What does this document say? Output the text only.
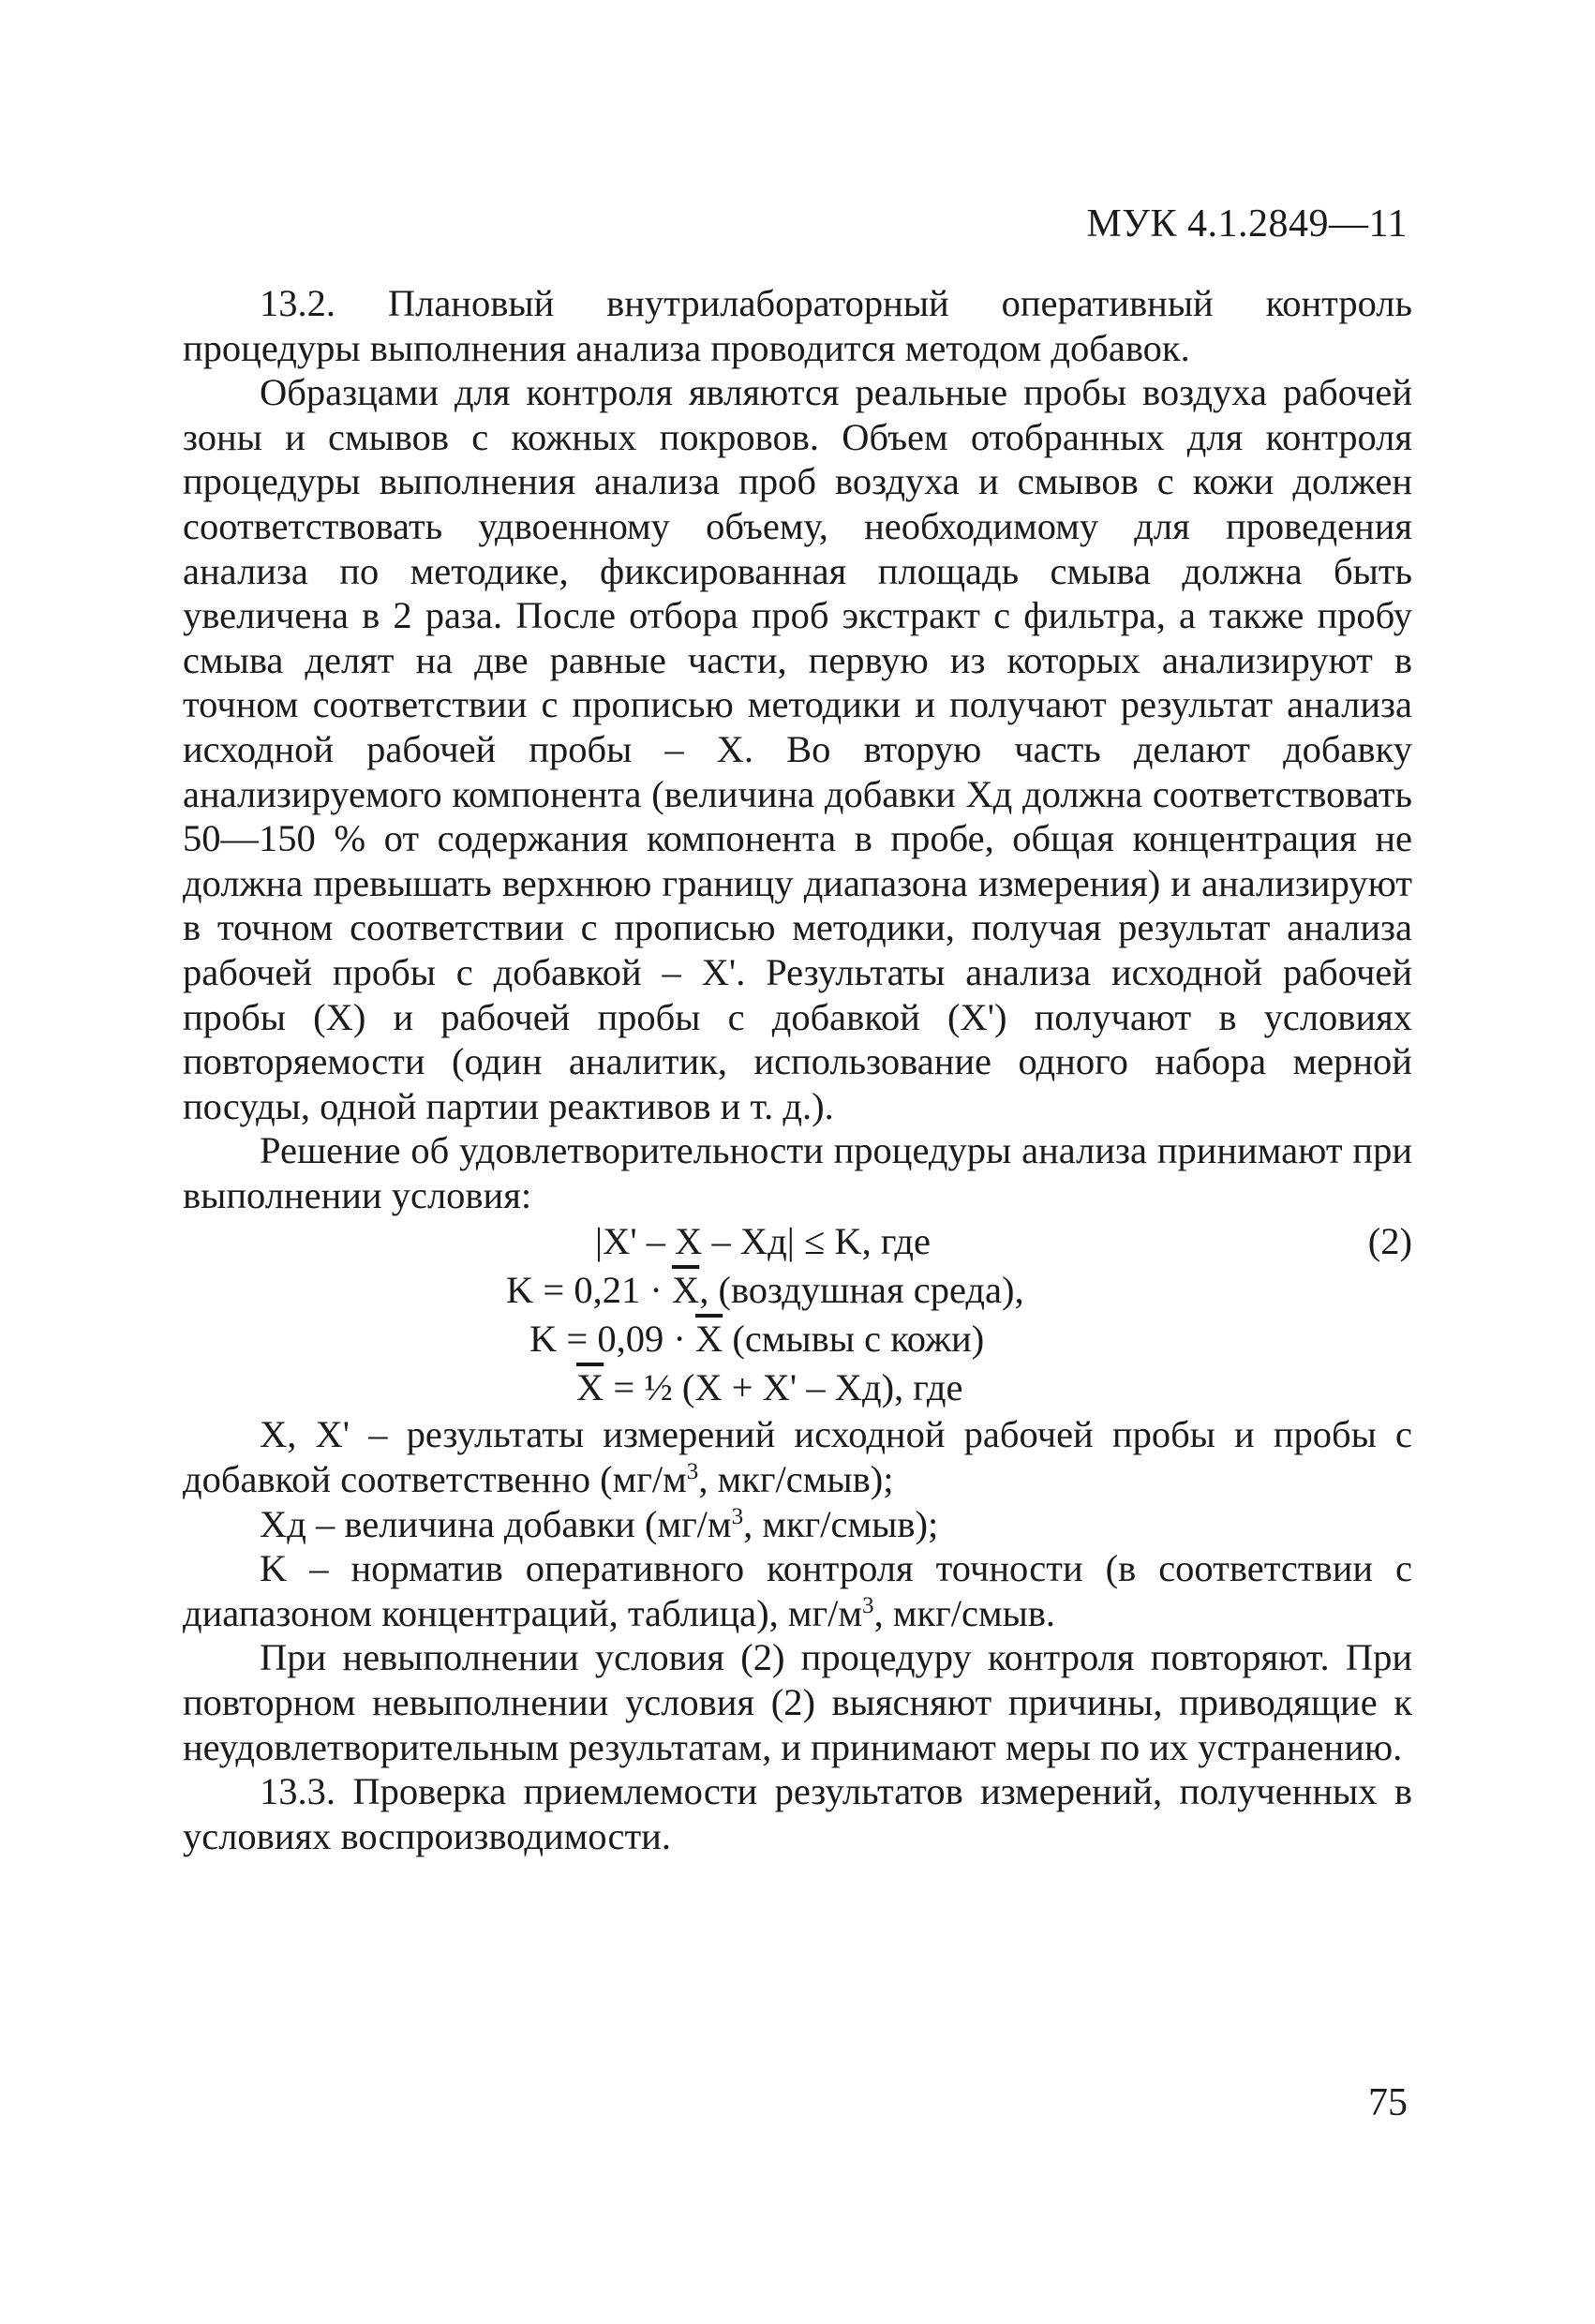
МУК 4.1.2849—11

13.2. Плановый внутрилабораторный оперативный контроль процедуры выполнения анализа проводится методом добавок.

Образцами для контроля являются реальные пробы воздуха рабочей зоны и смывов с кожных покровов. Объем отобранных для контроля процедуры выполнения анализа проб воздуха и смывов с кожи должен соответствовать удвоенному объему, необходимому для проведения анализа по методике, фиксированная площадь смыва должна быть увеличена в 2 раза. После отбора проб экстракт с фильтра, а также пробу смыва делят на две равные части, первую из которых анализируют в точном соответствии с прописью методики и получают результат анализа исходной рабочей пробы – X. Во вторую часть делают добавку анализируемого компонента (величина добавки Xд должна соответствовать 50—150 % от содержания компонента в пробе, общая концентрация не должна превышать верхнюю границу диапазона измерения) и анализируют в точном соответствии с прописью методики, получая результат анализа рабочей пробы с добавкой – X'. Результаты анализа исходной рабочей пробы (X) и рабочей пробы с добавкой (X') получают в условиях повторяемости (один аналитик, использование одного набора мерной посуды, одной партии реактивов и т. д.).

Решение об удовлетворительности процедуры анализа принимают при выполнении условия:

|X' – X – Xд| ≤ K, где	(2)
$K = 0,21 \cdot \overline{X}$, (воздушная среда),
$K = 0,09 \cdot \overline{X}$ (смывы с кожи)
$\overline{X}$ = ½ (X + X' – Xд), где

X, X' – результаты измерений исходной рабочей пробы и пробы с добавкой соответственно ($мг/м^3$, мкг/смыв);

Xд – величина добавки ($мг/м^3$, мкг/смыв);

K – норматив оперативного контроля точности (в соответствии с диапазоном концентраций, таблица), $мг/м^3$, мкг/смыв.

При невыполнении условия (2) процедуру контроля повторяют. При повторном невыполнении условия (2) выясняют причины, приводящие к неудовлетворительным результатам, и принимают меры по их устранению.

13.3. Проверка приемлемости результатов измерений, полученных в условиях воспроизводимости.

75
